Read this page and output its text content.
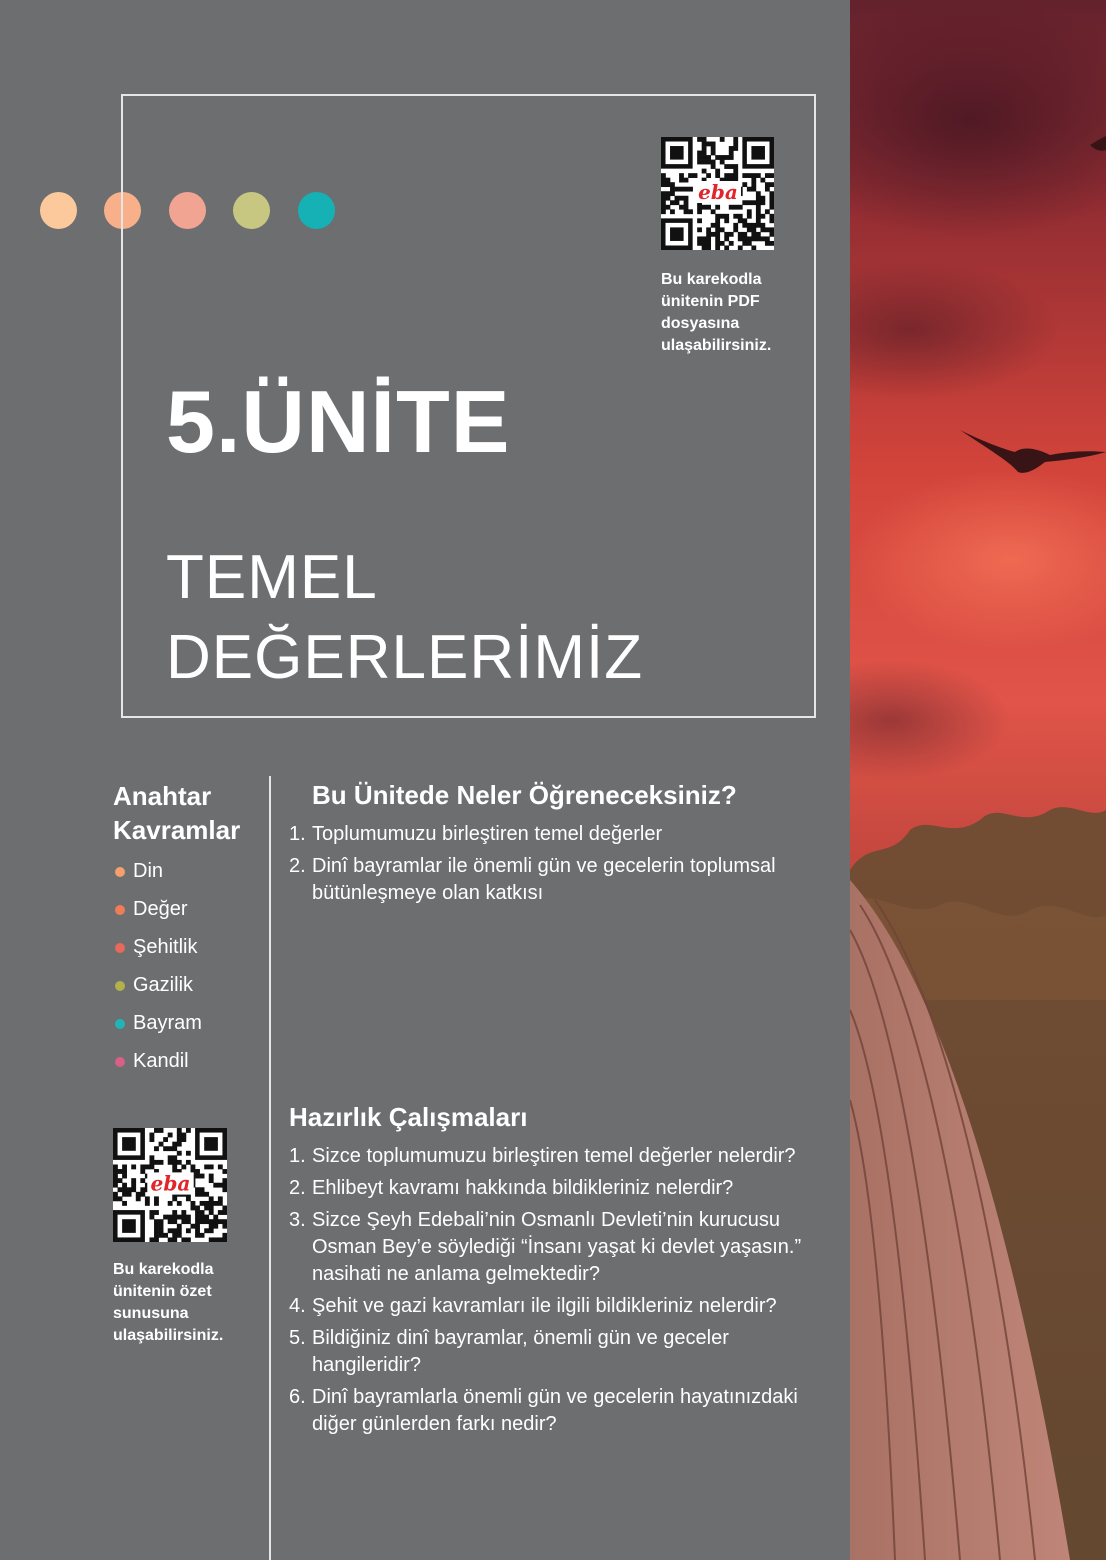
eba
Bu karekodla ünitenin PDF dosyasına ulaşabilirsiniz.
5.ÜNİTE
TEMEL DEĞERLERİMİZ
Anahtar Kavramlar
Din
Değer
Şehitlik
Gazilik
Bayram
Kandil
eba
Bu karekodla ünitenin özet sunusuna ulaşabilirsiniz.
Bu Ünitede Neler Öğreneceksiniz?
1. Toplumumuzu birleştiren temel değerler
2. Dinî bayramlar ile önemli gün ve gecelerin toplumsal bütünleşmeye olan katkısı
Hazırlık Çalışmaları
1. Sizce toplumumuzu birleştiren temel değerler nelerdir?
2. Ehlibeyt kavramı hakkında bildikleriniz nelerdir?
3. Sizce Şeyh Edebali’nin Osmanlı Devleti’nin kurucusu Osman Bey’e söylediği “İnsanı yaşat ki devlet yaşasın.” nasihati ne anlama gelmektedir?
4. Şehit ve gazi kavramları ile ilgili bildikleriniz nelerdir?
5. Bildiğiniz dinî bayramlar, önemli gün ve geceler hangileridir?
6. Dinî bayramlarla önemli gün ve gecelerin hayatınızdaki diğer günlerden farkı nedir?
